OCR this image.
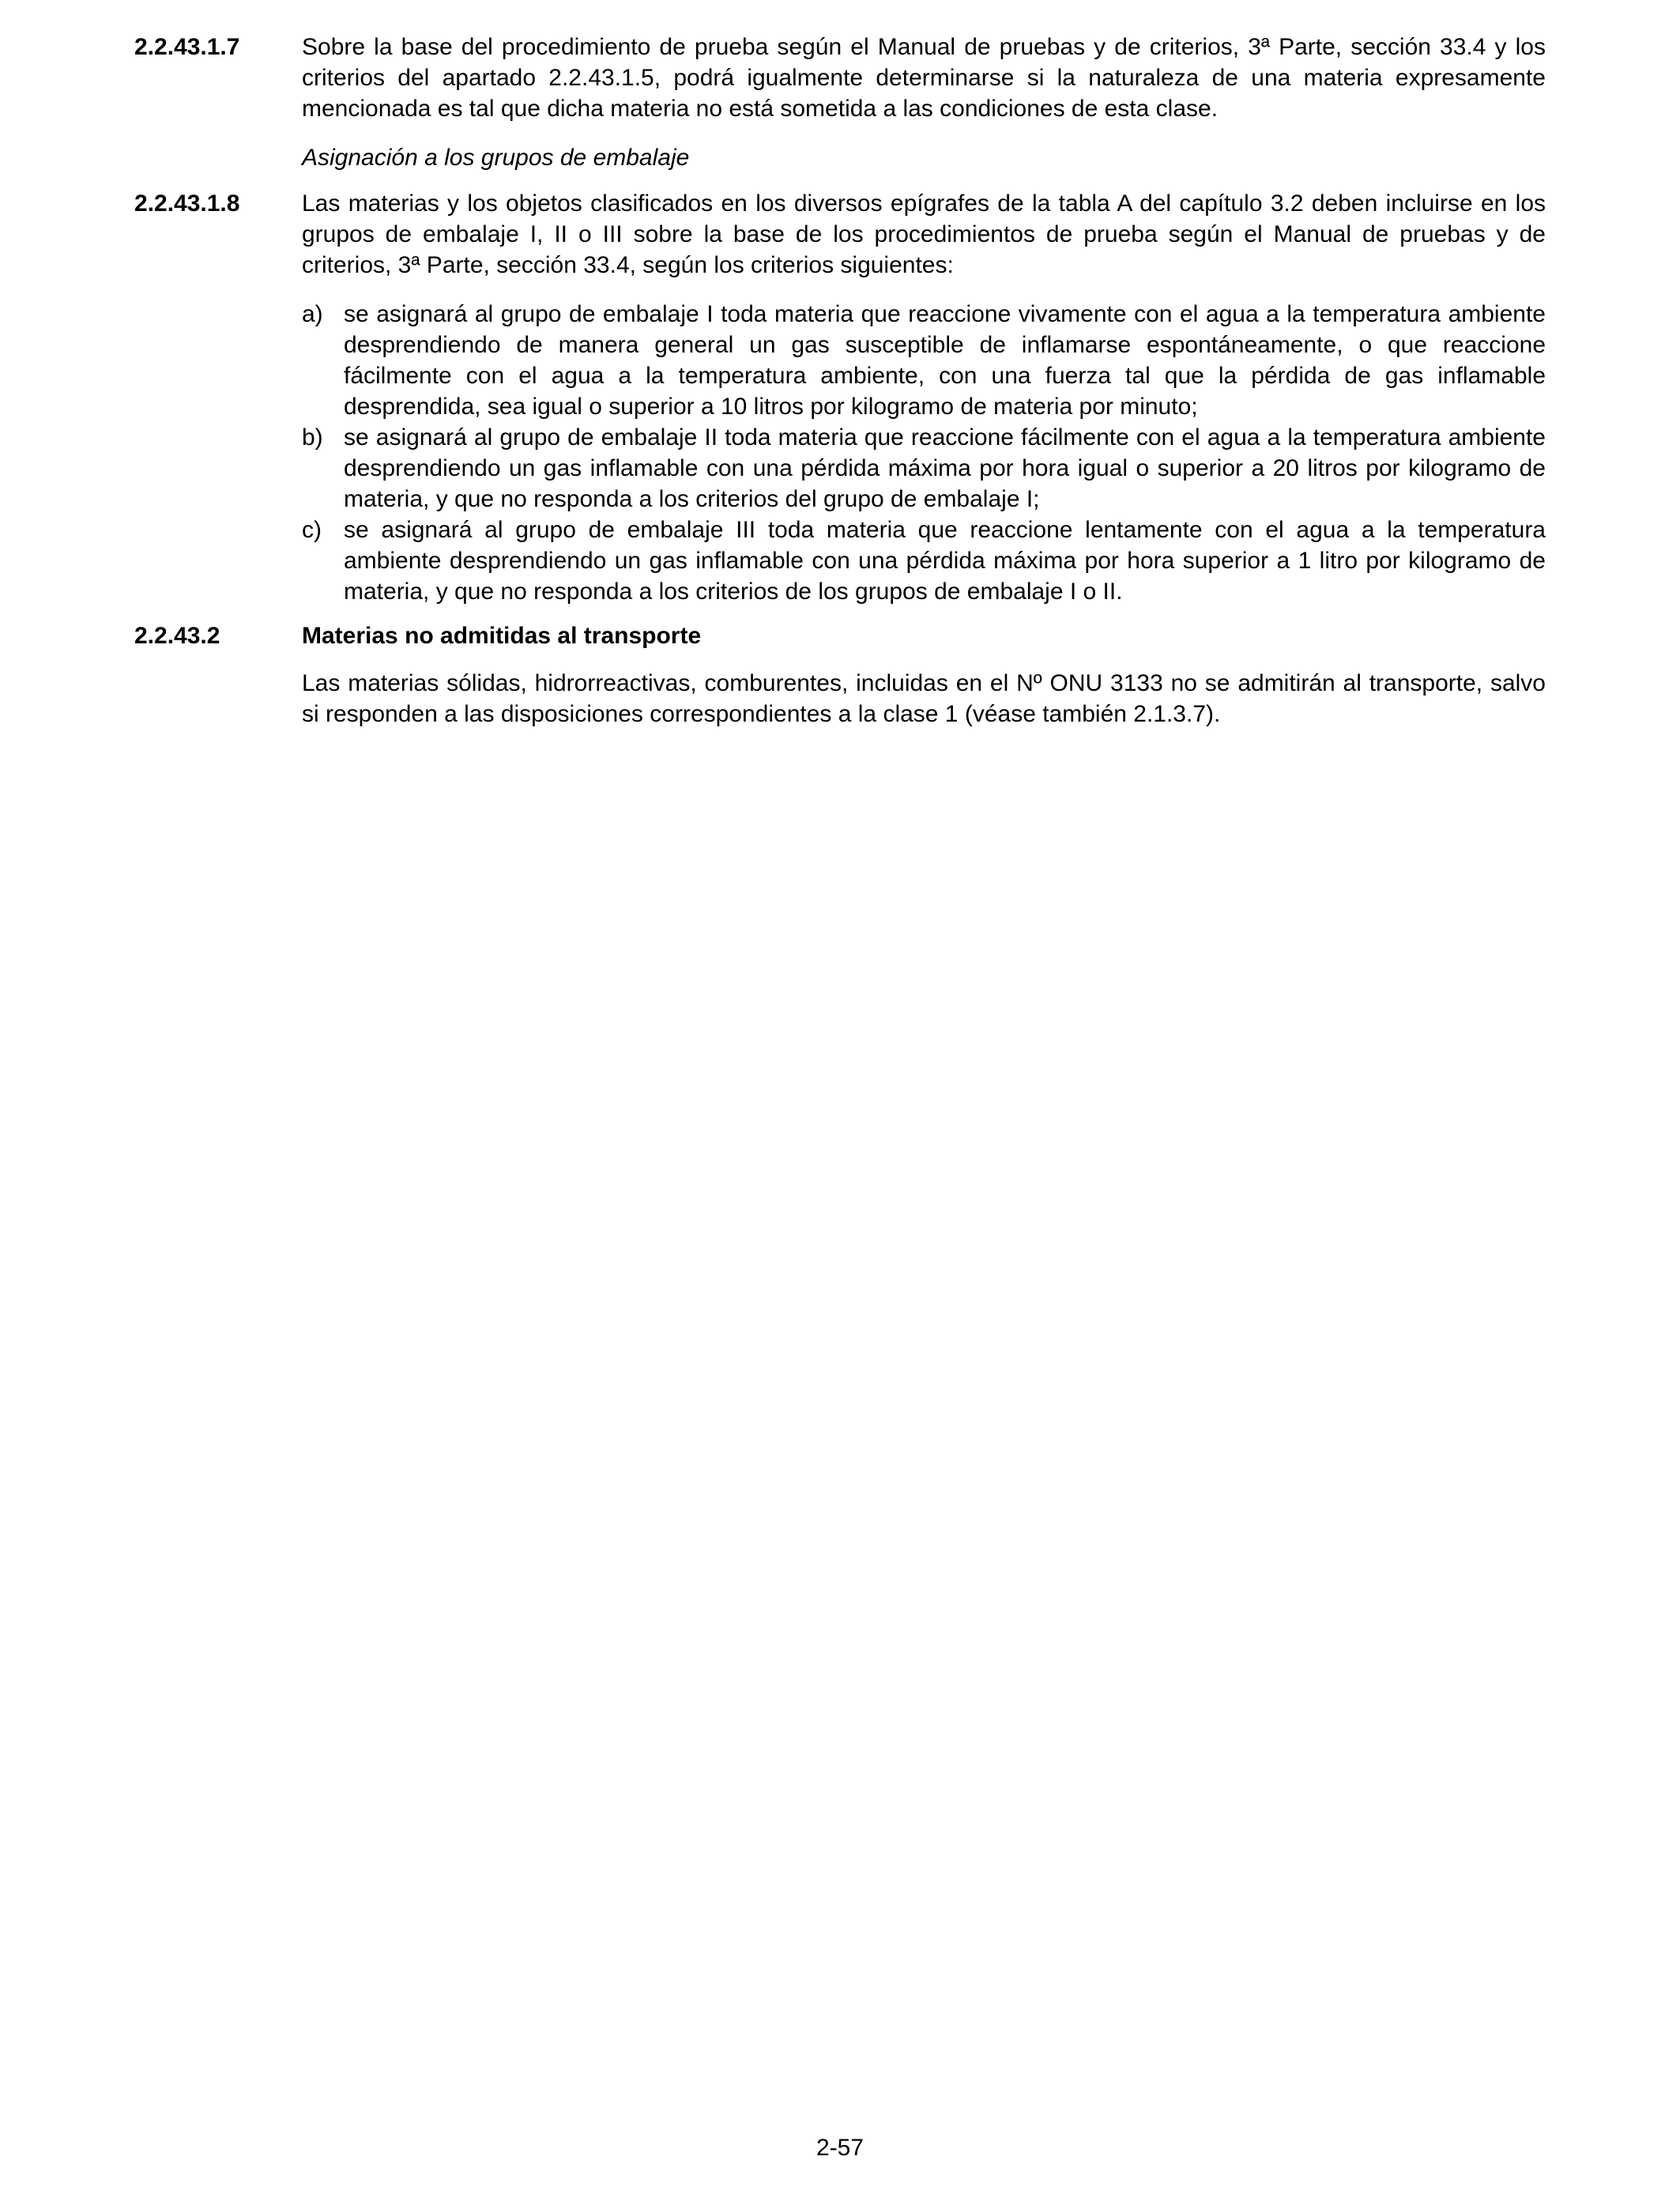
2.2.43.1.7	Sobre la base del procedimiento de prueba según el Manual de pruebas y de criterios, 3ª Parte, sección 33.4 y los criterios del apartado 2.2.43.1.5, podrá igualmente determinarse si la naturaleza de una materia expresamente mencionada es tal que dicha materia no está sometida a las condiciones de esta clase.

Asignación a los grupos de embalaje
2.2.43.1.8	Las materias y los objetos clasificados en los diversos epígrafes de la tabla A del capítulo 3.2 deben incluirse en los grupos de embalaje I, II o III sobre la base de los procedimientos de prueba según el Manual de pruebas y de criterios, 3ª Parte, sección 33.4, según los criterios siguientes:

a) se asignará al grupo de embalaje I toda materia que reaccione vivamente con el agua a la temperatura ambiente desprendiendo de manera general un gas susceptible de inflamarse espontáneamente, o que reaccione fácilmente con el agua a la temperatura ambiente, con una fuerza tal que la pérdida de gas inflamable desprendida, sea igual o superior a 10 litros por kilogramo de materia por minuto;
b) se asignará al grupo de embalaje II toda materia que reaccione fácilmente con el agua a la temperatura ambiente desprendiendo un gas inflamable con una pérdida máxima por hora igual o superior a 20 litros por kilogramo de materia, y que no responda a los criterios del grupo de embalaje I;
c) se asignará al grupo de embalaje III toda materia que reaccione lentamente con el agua a la temperatura ambiente desprendiendo un gas inflamable con una pérdida máxima por hora superior a 1 litro por kilogramo de materia, y que no responda a los criterios de los grupos de embalaje I o II.
2.2.43.2	Materias no admitidas al transporte

Las materias sólidas, hidrorreactivas, comburentes, incluidas en el Nº ONU 3133 no se admitirán al transporte, salvo si responden a las disposiciones correspondientes a la clase 1 (véase también 2.1.3.7).

2-57
